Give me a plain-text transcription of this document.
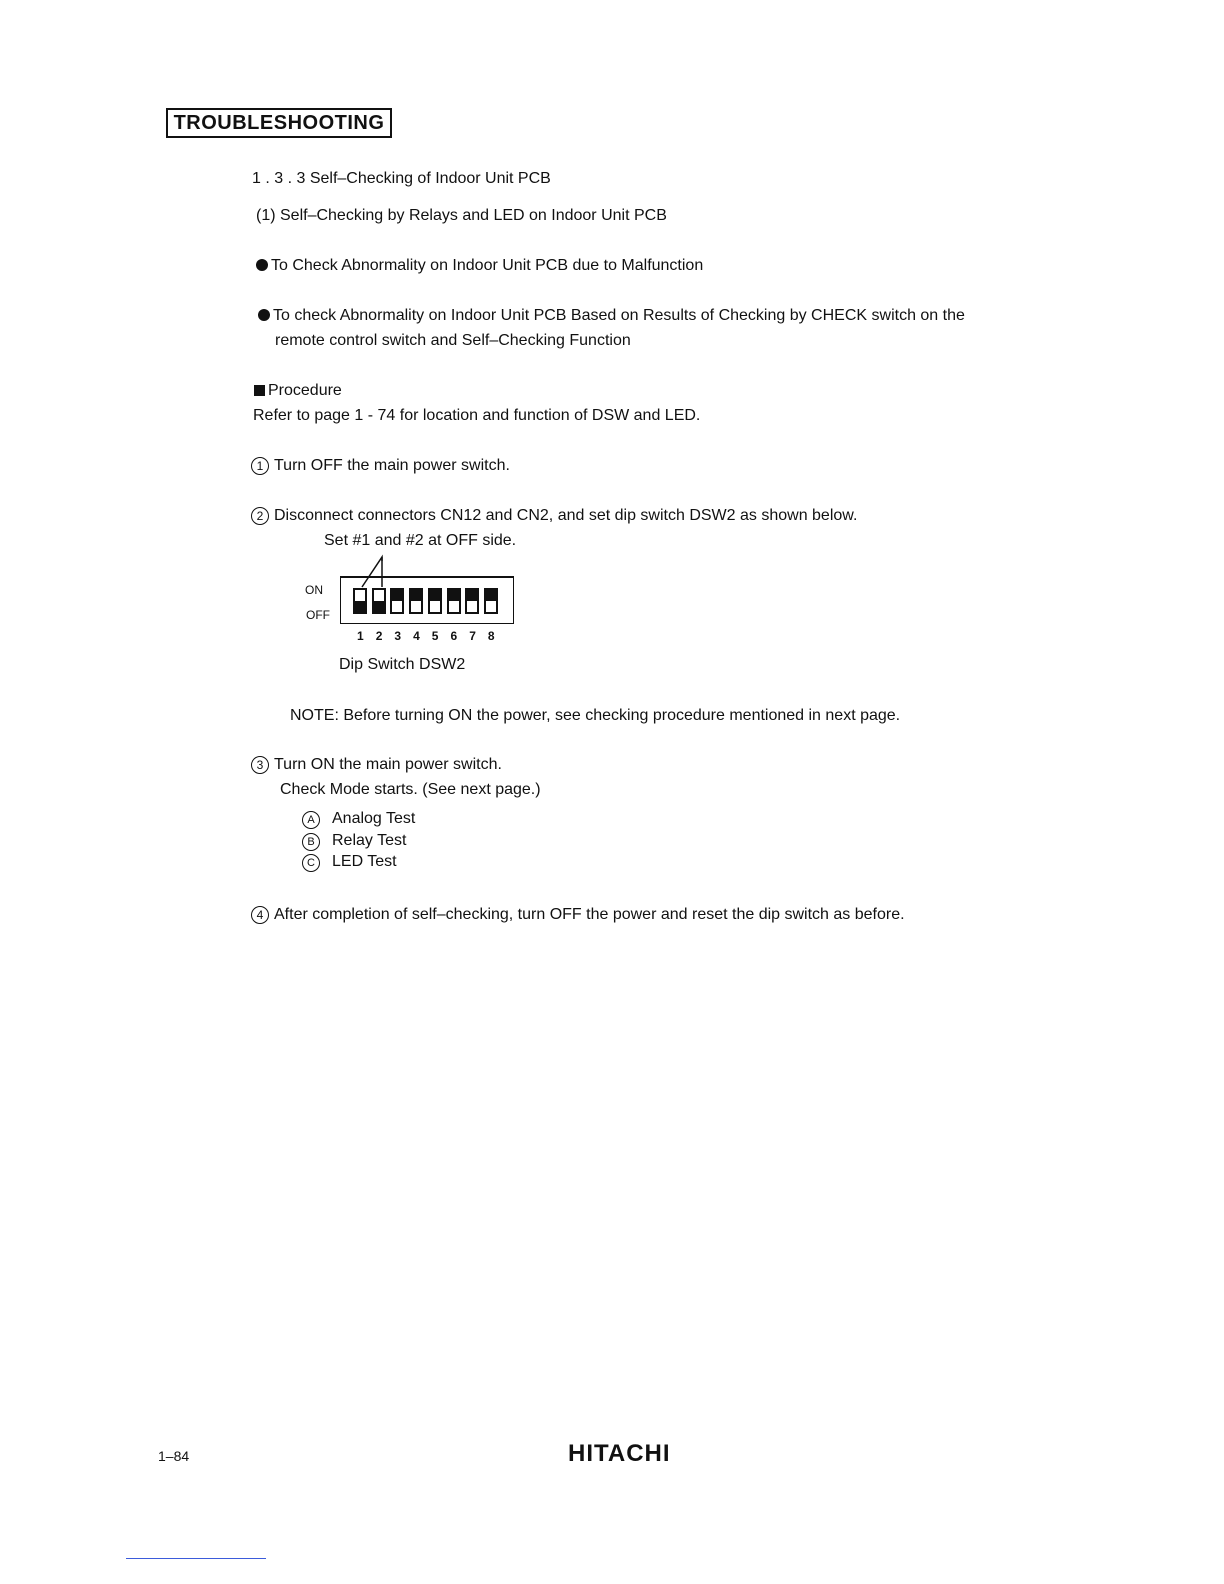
TROUBLESHOOTING
1 . 3 . 3 Self–Checking of Indoor Unit PCB
(1) Self–Checking by Relays and LED on Indoor Unit PCB
To Check Abnormality on Indoor Unit PCB due to Malfunction
To check Abnormality on Indoor Unit PCB Based on Results of Checking by CHECK switch on the
remote control switch and Self–Checking Function
Procedure
Refer to page 1 - 74 for location and function of DSW and LED.
1 Turn OFF the main power switch.
2 Disconnect connectors CN12 and CN2, and set dip switch DSW2 as shown below.
Set #1 and #2 at OFF side.
ON
OFF
1 2 3 4 5 6 7 8
Dip Switch DSW2
NOTE: Before turning ON the power, see checking procedure mentioned in next page.
3 Turn ON the main power switch.
Check Mode starts. (See next page.)
A Analog Test
B Relay Test
C LED Test
4 After completion of self–checking, turn OFF the power and reset the dip switch as before.
1–84	HITACHI
